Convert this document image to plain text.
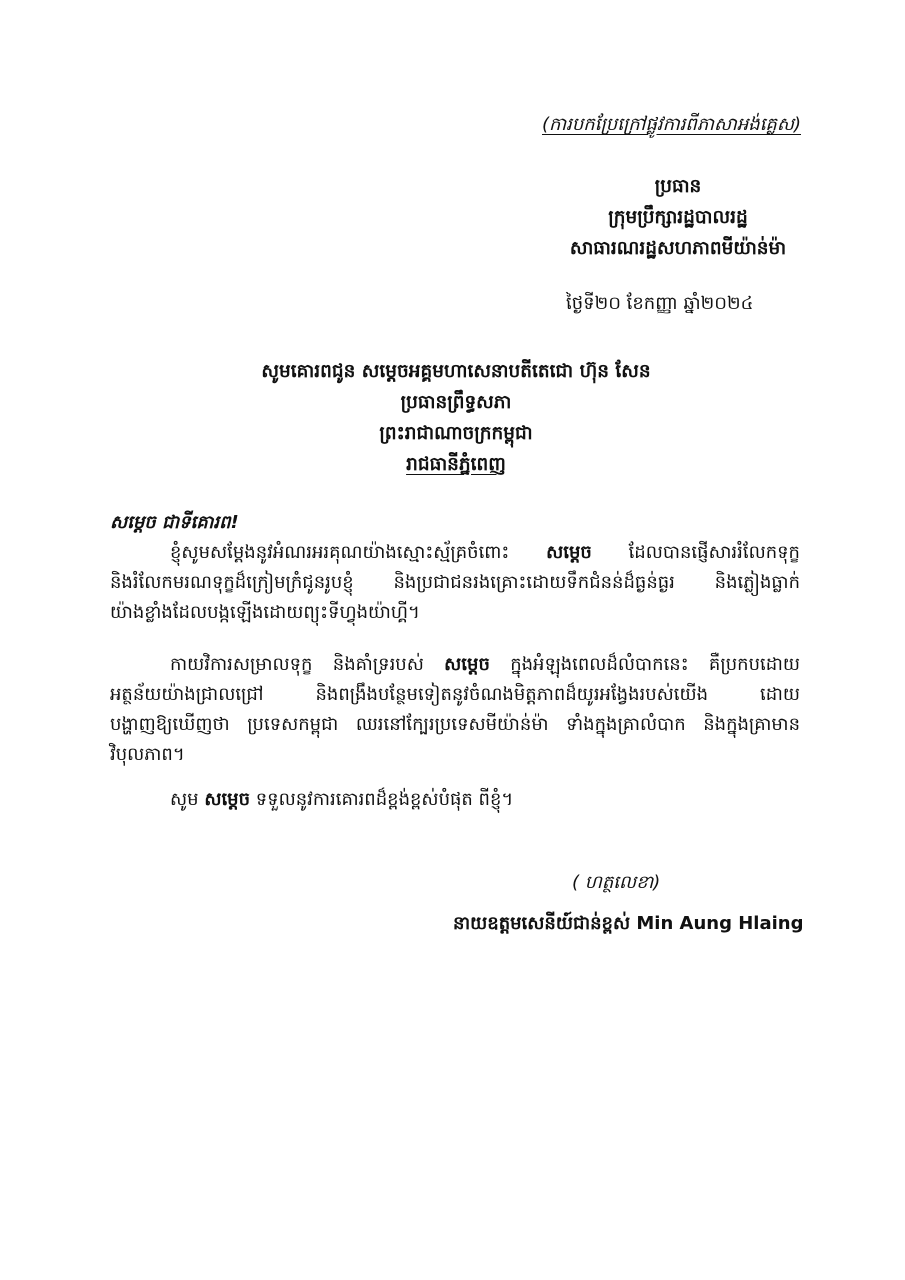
(ការបកប្រែក្រៅផ្លូវការពីភាសាអង់គ្លេស)
ប្រធាន
ក្រុមប្រឹក្សារដ្ឋបាលរដ្ឋ
សាធារណរដ្ឋសហភាពមីយ៉ាន់ម៉ា
ថ្ងៃទី២០ ខែកញ្ញា ឆ្នាំ២០២៤
សូមគោរពជូន សម្តេចអគ្គមហាសេនាបតីតេជោ ហ៊ុន សែន
ប្រធានព្រឹទ្ធសភា
ព្រះរាជាណាចក្រកម្ពុជា
រាជធានីភ្នំពេញ
សម្តេច ជាទីគោរព!
ខ្ញុំសូមសម្តែងនូវអំណរអរគុណយ៉ាងស្មោះស្ម័គ្រចំពោះ សម្តេច ដែលបានផ្ញើសាររំលែកទុក្ខ
និងរំលែកមរណទុក្ខដ៏ក្រៀមក្រំជូនរូបខ្ញុំ និងប្រជាជនរងគ្រោះដោយទឹកជំនន់ដ៏ធ្ងន់ធ្ងរ និងភ្លៀងធ្លាក់
យ៉ាងខ្លាំងដែលបង្កឡើងដោយព្យុះទីហ្វុងយ៉ាហ្គី។
កាយវិការសម្រាលទុក្ខ និងគាំទ្ររបស់ សម្តេច ក្នុងអំឡុងពេលដ៏លំបាកនេះ គឺប្រកបដោយ
អត្ថន័យយ៉ាងជ្រាលជ្រៅ និងពង្រឹងបន្ថែមទៀតនូវចំណងមិត្តភាពដ៏យូរអង្វែងរបស់យើង ដោយ
បង្ហាញឱ្យឃើញថា ប្រទេសកម្ពុជា ឈរនៅក្បែរប្រទេសមីយ៉ាន់ម៉ា ទាំងក្នុងគ្រាលំបាក និងក្នុងគ្រាមាន
វិបុលភាព។
សូម សម្តេច ទទួលនូវការគោរពដ៏ខ្ពង់ខ្ពស់បំផុត ពីខ្ញុំ។
( ហត្ថលេខា)
នាយឧត្តមសេនីយ៍ជាន់ខ្ពស់ Min Aung Hlaing
